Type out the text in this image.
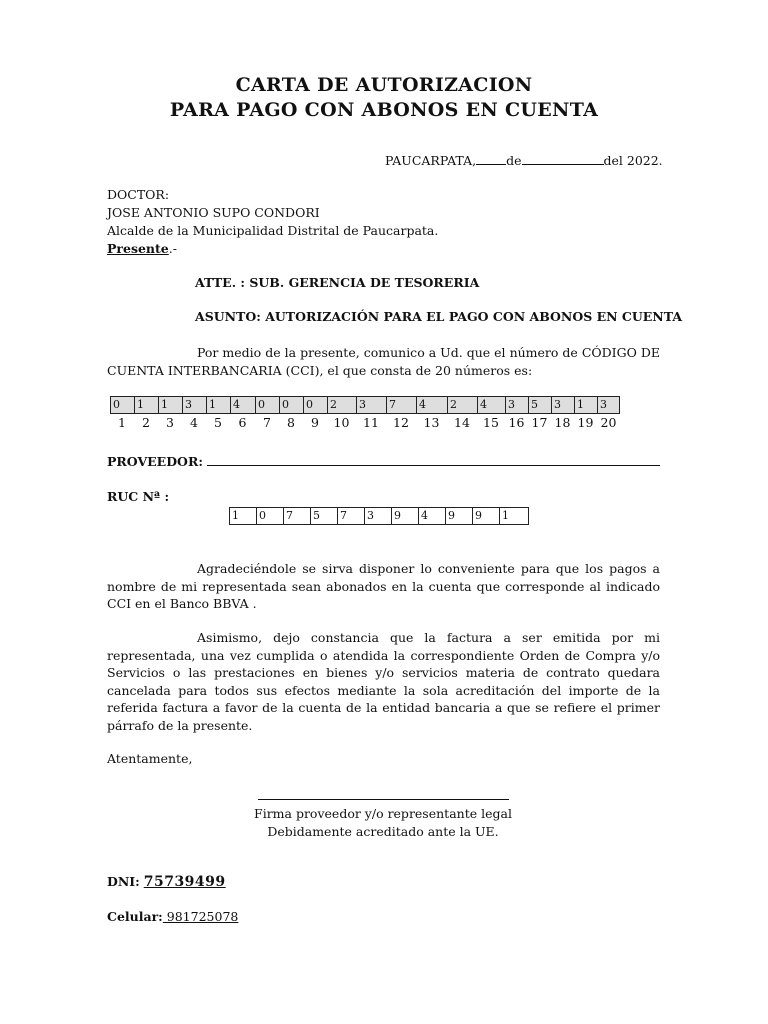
CARTA DE AUTORIZACION
PARA PAGO CON ABONOS EN CUENTA
PAUCARPATA, de	del 2022.
DOCTOR:
JOSE ANTONIO SUPO CONDORI
Alcalde de la Municipalidad Distrital de Paucarpata.
Presente.-
ATTE. : SUB. GERENCIA DE TESORERIA
ASUNTO: AUTORIZACIÓN PARA EL PAGO CON ABONOS EN CUENTA
Por medio de la presente, comunico a Ud. que el número de CÓDIGO DE CUENTA INTERBANCARIA (CCI), el que consta de 20 números es:
0	1	1	3	1	4	0	0	0	2	3	7	4	2	4	3	5	3	1	3
1	2	3	4	5	6	7	8	9	10	11	12	13	14	15 16 17 18 19 20
PROVEEDOR:
RUC Nª :
1	0	7	5	7	3	9	4	9	9	1
Agradeciéndole se sirva disponer lo conveniente para que los pagos a nombre de mi representada sean abonados en la cuenta que corresponde al indicado CCI en el Banco BBVA .
Asimismo, dejo constancia que la factura a ser emitida por mi representada, una vez cumplida o atendida la correspondiente Orden de Compra y/o Servicios o las prestaciones en bienes y/o servicios materia de contrato quedara cancelada para todos sus efectos mediante la sola acreditación del importe de la referida factura a favor de la cuenta de la entidad bancaria a que se refiere el primer párrafo de la presente.
Atentamente,
Firma proveedor y/o representante legal
Debidamente acreditado ante la UE.
DNI: 75739499
Celular: 981725078
